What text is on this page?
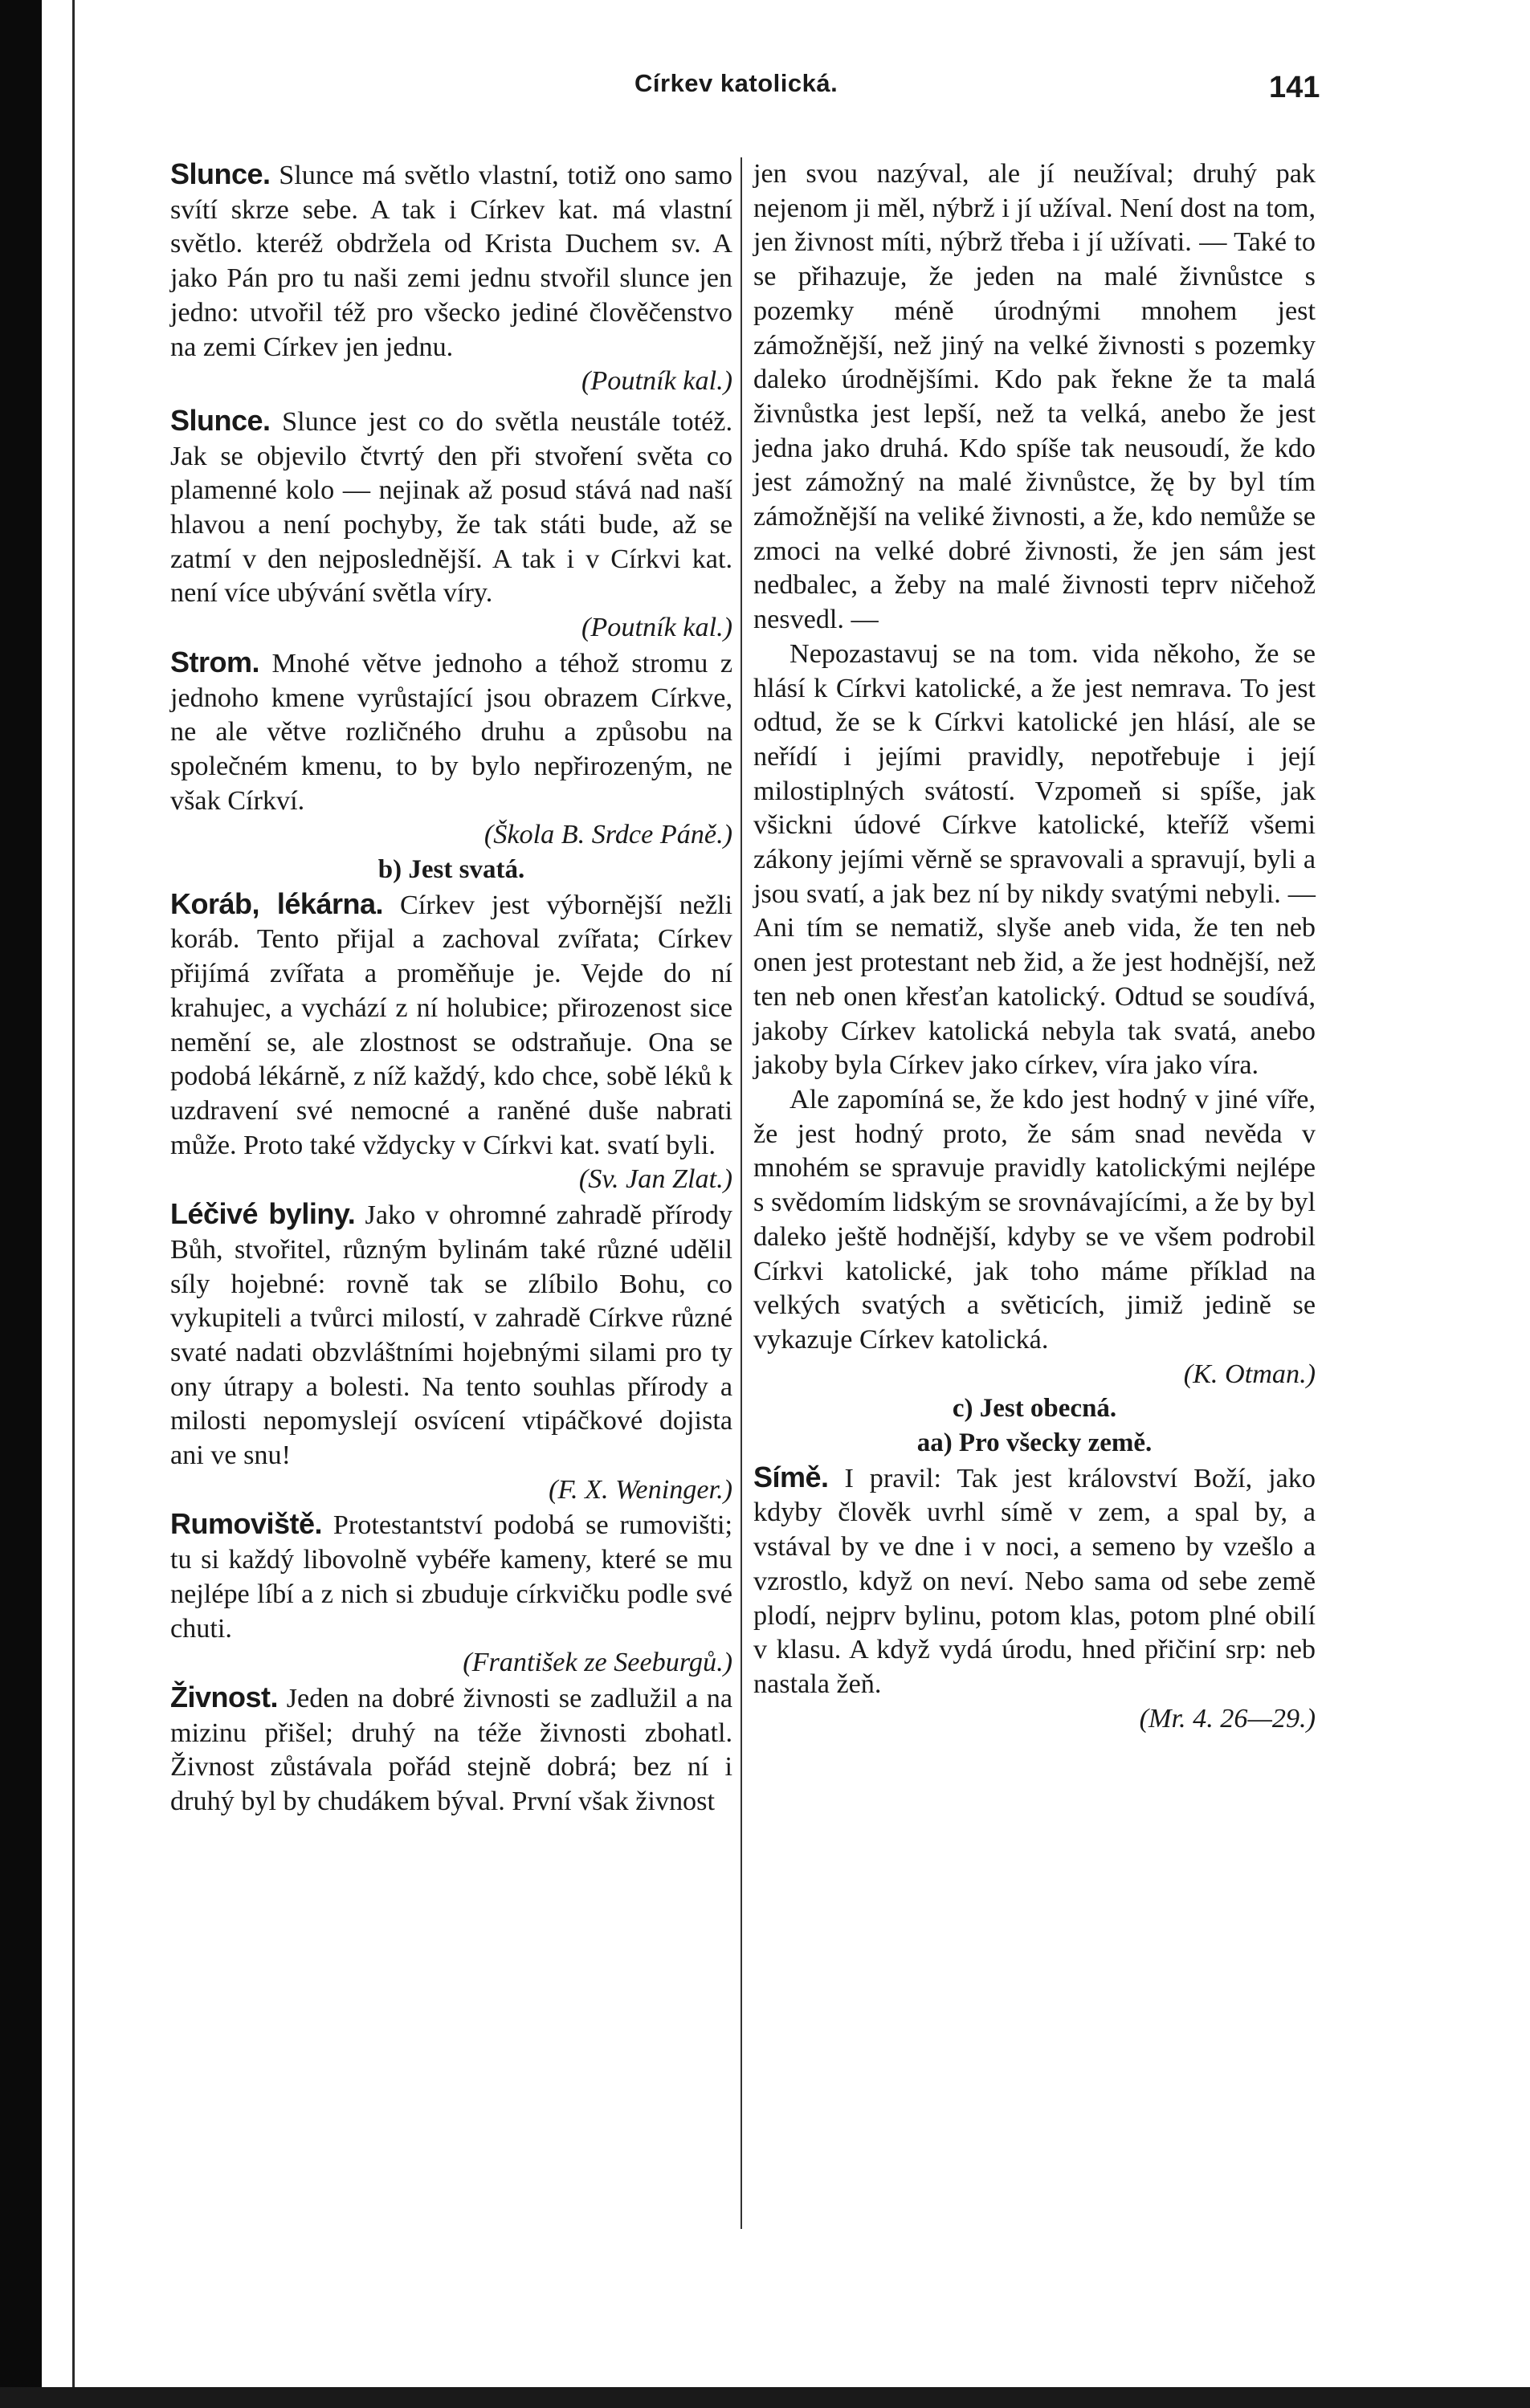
Církev katolická.	141

Slunce. Slunce má světlo vlastní, totiž ono samo svítí skrze sebe. A tak i Církev kat. má vlastní světlo. kteréž obdržela od Krista Duchem sv. A jako Pán pro tu naši zemi jednu stvořil slunce jen jedno: utvořil též pro všecko jediné člověčenstvo na zemi Církev jen jednu.

(Poutník kal.)

Slunce. Slunce jest co do světla neustále totéž. Jak se objevilo čtvrtý den při stvoření světa co plamenné kolo — nejinak až posud stává nad naší hlavou a není pochyby, že tak státi bude, až se zatmí v den nejposlednější. A tak i v Církvi kat. není více ubývání světla víry.

(Poutník kal.)

Strom. Mnohé větve jednoho a téhož stromu z jednoho kmene vyrůstající jsou obrazem Církve, ne ale větve rozličného druhu a způsobu na společném kmenu, to by bylo nepřirozeným, ne však Církví.

(Škola B. Srdce Páně.)

b) Jest svatá.

Koráb, lékárna. Církev jest výbornější nežli koráb. Tento přijal a zachoval zvířata; Církev přijímá zvířata a proměňuje je. Vejde do ní krahujec, a vychází z ní holubice; přirozenost sice nemění se, ale zlostnost se odstraňuje. Ona se podobá lékárně, z níž každý, kdo chce, sobě léků k uzdravení své nemocné a raněné duše nabrati může. Proto také vždycky v Církvi kat. svatí byli.

(Sv. Jan Zlat.)

Léčivé byliny. Jako v ohromné zahradě přírody Bůh, stvořitel, různým bylinám také různé udělil síly hojebné: rovně tak se zlíbilo Bohu, co vykupiteli a tvůrci milostí, v zahradě Církve různé svaté nadati obzvláštními hojebnými silami pro ty ony útrapy a bolesti. Na tento souhlas přírody a milosti nepomyslejí osvícení vtipáčkové dojista ani ve snu!

(F. X. Weninger.)

Rumoviště. Protestantství podobá se rumovišti; tu si každý libovolně vybéře kameny, které se mu nejlépe líbí a z nich si zbuduje církvičku podle své chuti.

(František ze Seeburgů.)

Živnost. Jeden na dobré živnosti se zadlužil a na mizinu přišel; druhý na téže živnosti zbohatl. Živnost zůstávala pořád stejně dobrá; bez ní i druhý byl by chudákem býval. První však živnost

jen svou nazýval, ale jí neužíval; druhý pak nejenom ji měl, nýbrž i jí užíval. Není dost na tom, jen živnost míti, nýbrž třeba i jí užívati. — Také to se přihazuje, že jeden na malé živnůstce s pozemky méně úrodnými mnohem jest zámožnější, než jiný na velké živnosti s pozemky daleko úrodnějšími. Kdo pak řekne že ta malá živnůstka jest lepší, než ta velká, anebo že jest jedna jako druhá. Kdo spíše tak neusoudí, že kdo jest zámožný na malé živnůstce, žę by byl tím zámožnější na veliké živnosti, a že, kdo nemůže se zmoci na velké dobré živnosti, že jen sám jest nedbalec, a žeby na malé živnosti teprv ničehož nesvedl. —

Nepozastavuj se na tom. vida někoho, že se hlásí k Církvi katolické, a že jest nemrava. To jest odtud, že se k Církvi katolické jen hlásí, ale se neřídí i jejími pravidly, nepotřebuje i její milostiplných svátostí. Vzpomeň si spíše, jak všickni údové Církve katolické, kteříž všemi zákony jejími věrně se spravovali a spravují, byli a jsou svatí, a jak bez ní by nikdy svatými nebyli. — Ani tím se nematiž, slyše aneb vida, že ten neb onen jest protestant neb žid, a že jest hodnější, než ten neb onen křesťan katolický. Odtud se soudívá, jakoby Církev katolická nebyla tak svatá, anebo jakoby byla Církev jako církev, víra jako víra.

Ale zapomíná se, že kdo jest hodný v jiné víře, že jest hodný proto, že sám snad nevěda v mnohém se spravuje pravidly katolickými nejlépe s svědomím lidským se srovnávajícími, a že by byl daleko ještě hodnější, kdyby se ve všem podrobil Církvi katolické, jak toho máme příklad na velkých svatých a světicích, jimiž jedině se vykazuje Církev katolická.

(K. Otman.)

c) Jest obecná.

aa) Pro všecky země.

Símě. I pravil: Tak jest království Boží, jako kdyby člověk uvrhl símě v zem, a spal by, a vstával by ve dne i v noci, a semeno by vzešlo a vzrostlo, když on neví. Nebo sama od sebe země plodí, nejprv bylinu, potom klas, potom plné obilí v klasu. A když vydá úrodu, hned přičiní srp: neb nastala žeň.

(Mr. 4. 26—29.)
